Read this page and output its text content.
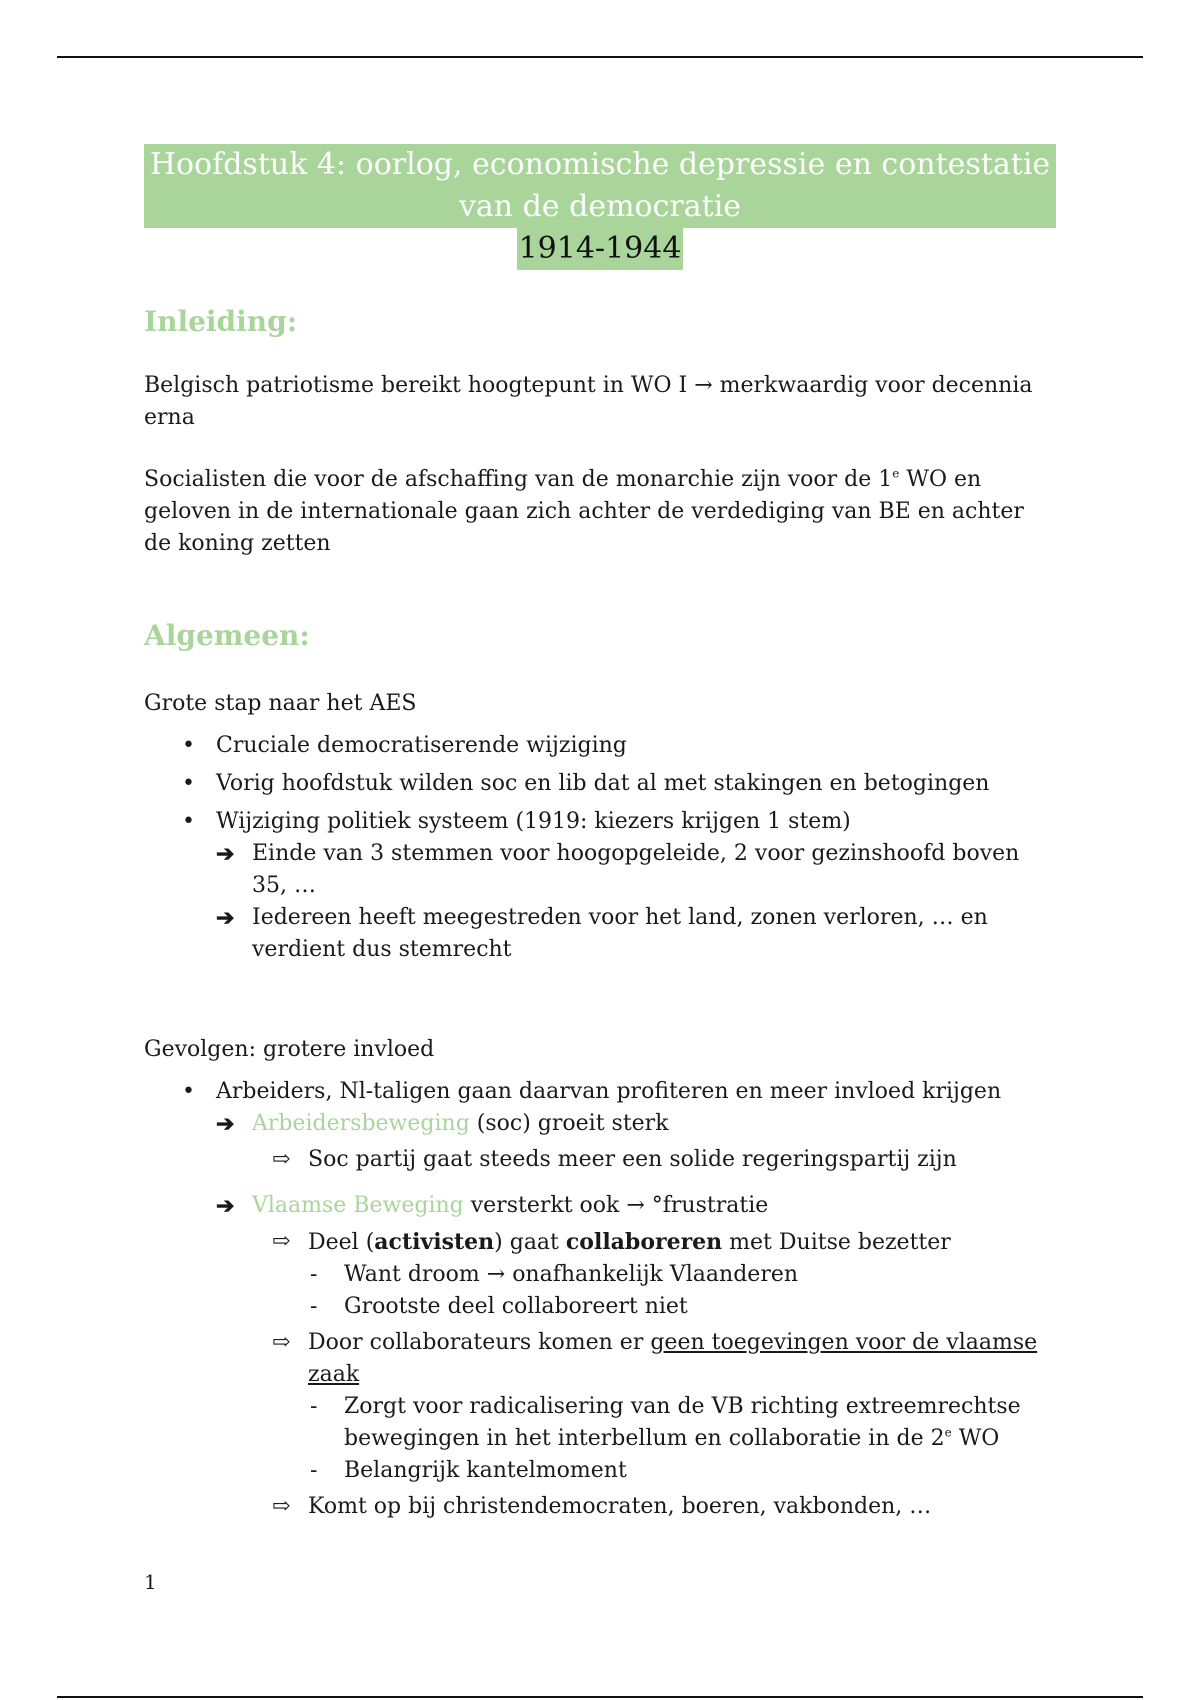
Hoofdstuk 4: oorlog, economische depressie en contestatie van de democratie
1914-1944
Inleiding:

Belgisch patriotisme bereikt hoogtepunt in WO I → merkwaardig voor decennia erna

Socialisten die voor de afschaffing van de monarchie zijn voor de 1e WO en geloven in de internationale gaan zich achter de verdediging van BE en achter de koning zetten

Algemeen:

Grote stap naar het AES

• Cruciale democratiserende wijziging
• Vorig hoofdstuk wilden soc en lib dat al met stakingen en betogingen
• Wijziging politiek systeem (1919: kiezers krijgen 1 stem)
➔ Einde van 3 stemmen voor hoogopgeleide, 2 voor gezinshoofd boven 35, …
➔ Iedereen heeft meegestreden voor het land, zonen verloren, … en verdient dus stemrecht

Gevolgen: grotere invloed

• Arbeiders, Nl-taligen gaan daarvan profiteren en meer invloed krijgen
➔ Arbeidersbeweging (soc) groeit sterk
⇨ Soc partij gaat steeds meer een solide regeringspartij zijn
➔ Vlaamse Beweging versterkt ook → °frustratie
⇨ Deel (activisten) gaat collaboreren met Duitse bezetter
- Want droom → onafhankelijk Vlaanderen
- Grootste deel collaboreert niet
⇨ Door collaborateurs komen er geen toegevingen voor de vlaamse zaak
- Zorgt voor radicalisering van de VB richting extreemrechtse bewegingen in het interbellum en collaboratie in de 2e WO
- Belangrijk kantelmoment
⇨ Komt op bij christendemocraten, boeren, vakbonden, …
1
